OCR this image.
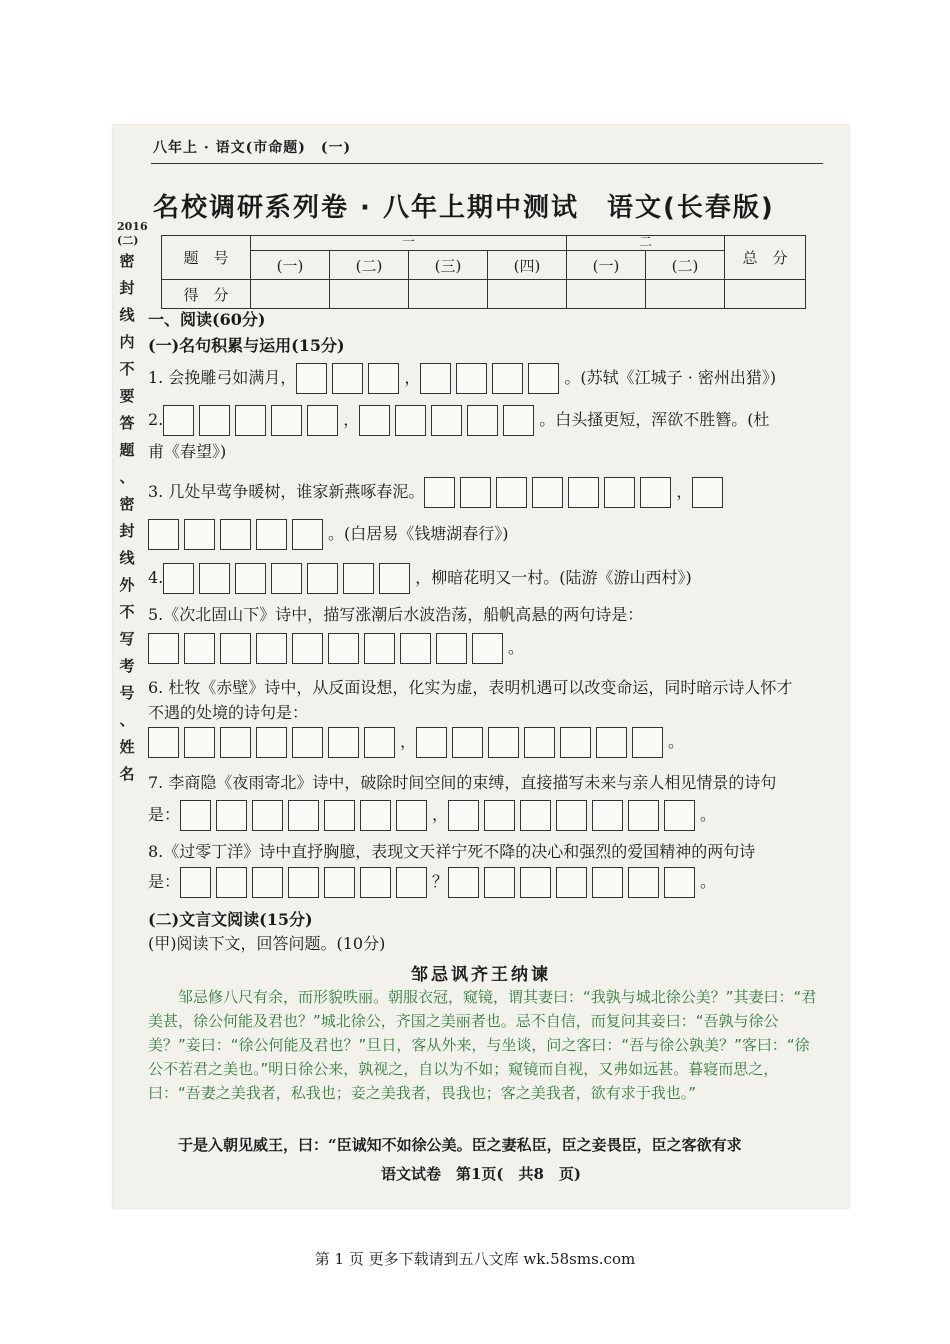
八年上 · 语文(市命题)　(一)
名校调研系列卷 · 八年上期中测试　语文(长春版)
2016
(二)
密
封
线
内
不
要
答
题
、
密
封
线
外
不
写
考
号
、
姓
名
题　号	一				二		总　分
	(一)	(二)	(三)	(四)	(一)	(二)	
得　分							
一、阅读(60分)
(一)名句积累与运用(15分)
1. 会挽雕弓如满月，	，	。(苏轼《江城子 · 密州出猎》)
2.	，	。白头搔更短，浑欲不胜簪。(杜
甫《春望》)
3. 几处早莺争暖树，谁家新燕啄春泥。	，
。(白居易《钱塘湖春行》)
4.	，柳暗花明又一村。(陆游《游山西村》)
5.《次北固山下》诗中，描写涨潮后水波浩荡，船帆高悬的两句诗是：
。
6. 杜牧《赤壁》诗中，从反面设想，化实为虚，表明机遇可以改变命运，同时暗示诗人怀才
不遇的处境的诗句是：
，	。
7. 李商隐《夜雨寄北》诗中，破除时间空间的束缚，直接描写未来与亲人相见情景的诗句
是：	，	。
8.《过零丁洋》诗中直抒胸臆，表现文天祥宁死不降的决心和强烈的爱国精神的两句诗
是：	？	。
(二)文言文阅读(15分)
(甲)阅读下文，回答问题。(10分)
邹忌讽齐王纳谏
邹忌修八尺有余，而形貌昳丽。朝服衣冠，窥镜，谓其妻曰：“我孰与城北徐公美？”其妻曰：“君美甚，徐公何能及君也？”城北徐公，齐国之美丽者也。忌不自信，而复问其妾曰：“吾孰与徐公美？”妾曰：“徐公何能及君也？”旦日，客从外来，与坐谈，问之客曰：“吾与徐公孰美？”客曰：“徐公不若君之美也。”明日徐公来，孰视之，自以为不如；窥镜而自视，又弗如远甚。暮寝而思之，曰：“吾妻之美我者，私我也；妾之美我者，畏我也；客之美我者，欲有求于我也。”
于是入朝见威王，曰：“臣诚知不如徐公美。臣之妻私臣，臣之妾畏臣，臣之客欲有求
语文试卷　第1页(　共8　页)
第 1 页 更多下载请到五八文库 wk.58sms.com
